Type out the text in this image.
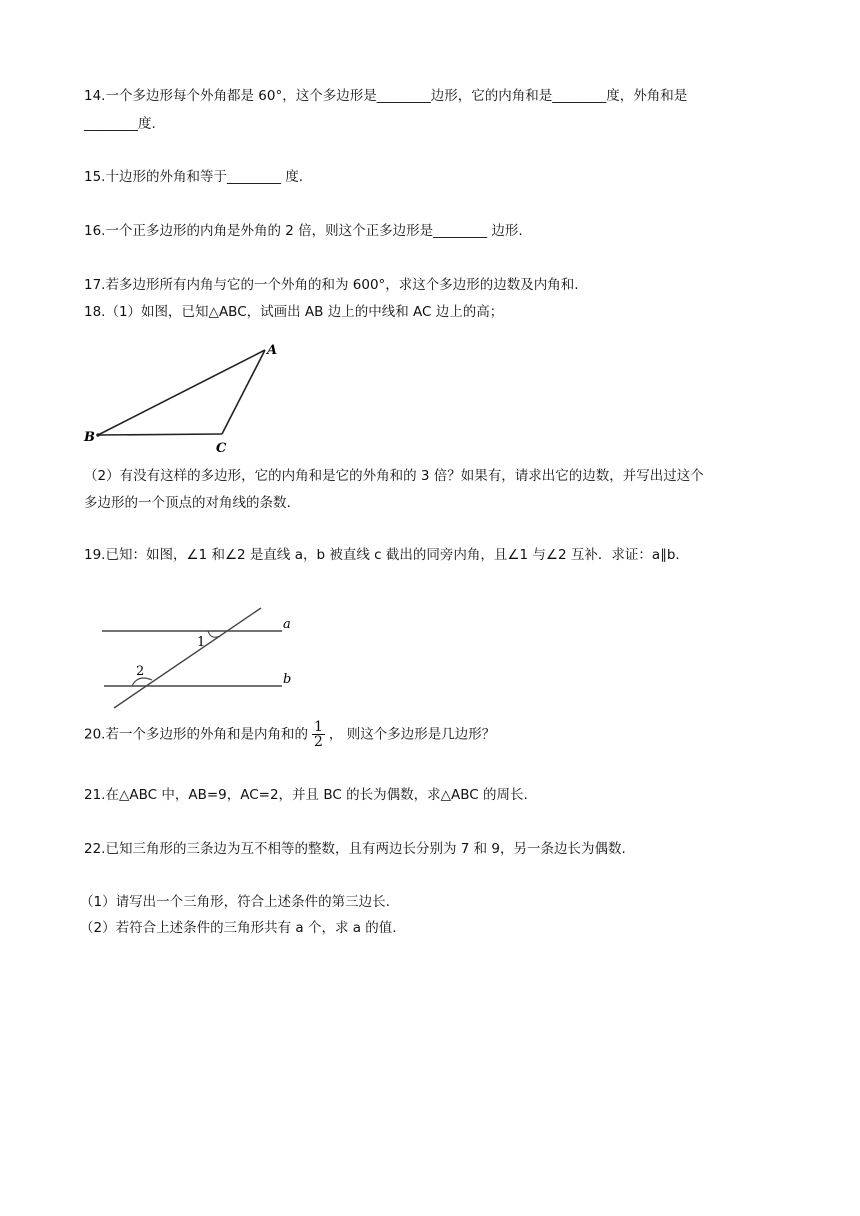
14.一个多边形每个外角都是 60°，这个多边形是________边形，它的内角和是________度，外角和是
________度.
15.十边形的外角和等于________ 度.
16.一个正多边形的内角是外角的 2 倍，则这个正多边形是________ 边形.
17.若多边形所有内角与它的一个外角的和为 600°，求这个多边形的边数及内角和.
18.（1）如图，已知△ABC，试画出 AB 边上的中线和 AC 边上的高；
A
B
C
（2）有没有这样的多边形，它的内角和是它的外角和的 3 倍？如果有，请求出它的边数，并写出过这个
多边形的一个顶点的对角线的条数.
19.已知：如图，∠1 和∠2 是直线 a，b 被直线 c 截出的同旁内角，且∠1 与∠2 互补．求证：a∥b.
1
2
a
b
20.若一个多边形的外角和是内角和的 $\frac{1}{2}$ ， 则这个多边形是几边形？
21.在△ABC 中，AB=9，AC=2，并且 BC 的长为偶数，求△ABC 的周长.
22.已知三角形的三条边为互不相等的整数，且有两边长分别为 7 和 9，另一条边长为偶数.
（1）请写出一个三角形，符合上述条件的第三边长.
（2）若符合上述条件的三角形共有 a 个，求 a 的值.
